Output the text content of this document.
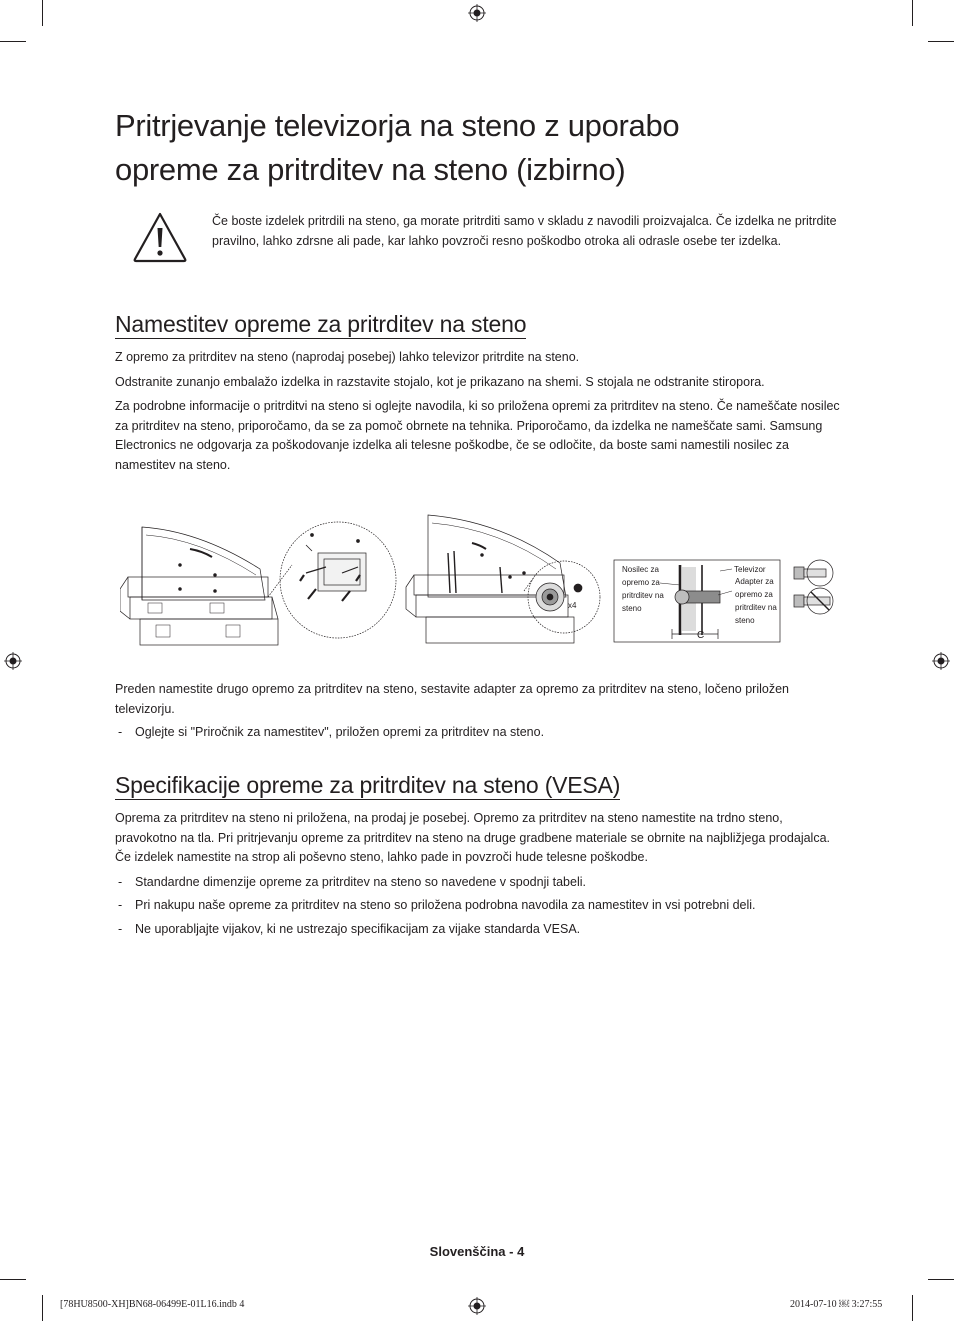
Pritrjevanje televizorja na steno z uporabo
opreme za pritrditev na steno (izbirno)
Če boste izdelek pritrdili na steno, ga morate pritrditi samo v skladu z navodili proizvajalca. Če izdelka ne pritrdite pravilno, lahko zdrsne ali pade, kar lahko povzroči resno poškodbo otroka ali odrasle osebe ter izdelka.
Namestitev opreme za pritrditev na steno

Z opremo za pritrditev na steno (naprodaj posebej) lahko televizor pritrdite na steno.

Odstranite zunanjo embalažo izdelka in razstavite stojalo, kot je prikazano na shemi. S stojala ne odstranite stiropora.

Za podrobne informacije o pritrditvi na steno si oglejte navodila, ki so priložena opremi za pritrditev na steno. Če nameščate nosilec za pritrditev na steno, priporočamo, da se za pomoč obrnete na tehnika. Priporočamo, da izdelka ne nameščate sami. Samsung Electronics ne odgovarja za poškodovanje izdelka ali telesne poškodbe, če se odločite, da boste sami namestili nosilec za namestitev na steno.

x4
Nosilec za
opremo za
pritrditev na
steno
Televizor
Adapter za
opremo za
pritrditev na
steno
C

Preden namestite drugo opremo za pritrditev na steno, sestavite adapter za opremo za pritrditev na steno, ločeno priložen televizorju.

- Oglejte si "Priročnik za namestitev", priložen opremi za pritrditev na steno.
Specifikacije opreme za pritrditev na steno (VESA)

Oprema za pritrditev na steno ni priložena, na prodaj je posebej. Opremo za pritrditev na steno namestite na trdno steno, pravokotno na tla. Pri pritrjevanju opreme za pritrditev na steno na druge gradbene materiale se obrnite na najbližjega prodajalca. Če izdelek namestite na strop ali poševno steno, lahko pade in povzroči hude telesne poškodbe.

- Standardne dimenzije opreme za pritrditev na steno so navedene v spodnji tabeli.
- Pri nakupu naše opreme za pritrditev na steno so priložena podrobna navodila za namestitev in vsi potrebni deli.
- Ne uporabljajte vijakov, ki ne ustrezajo specifikacijam za vijake standarda VESA.
Slovenščina - 4
[78HU8500-XH]BN68-06499E-01L16.indb 4	2014-07-10 ￼ 3:27:55
